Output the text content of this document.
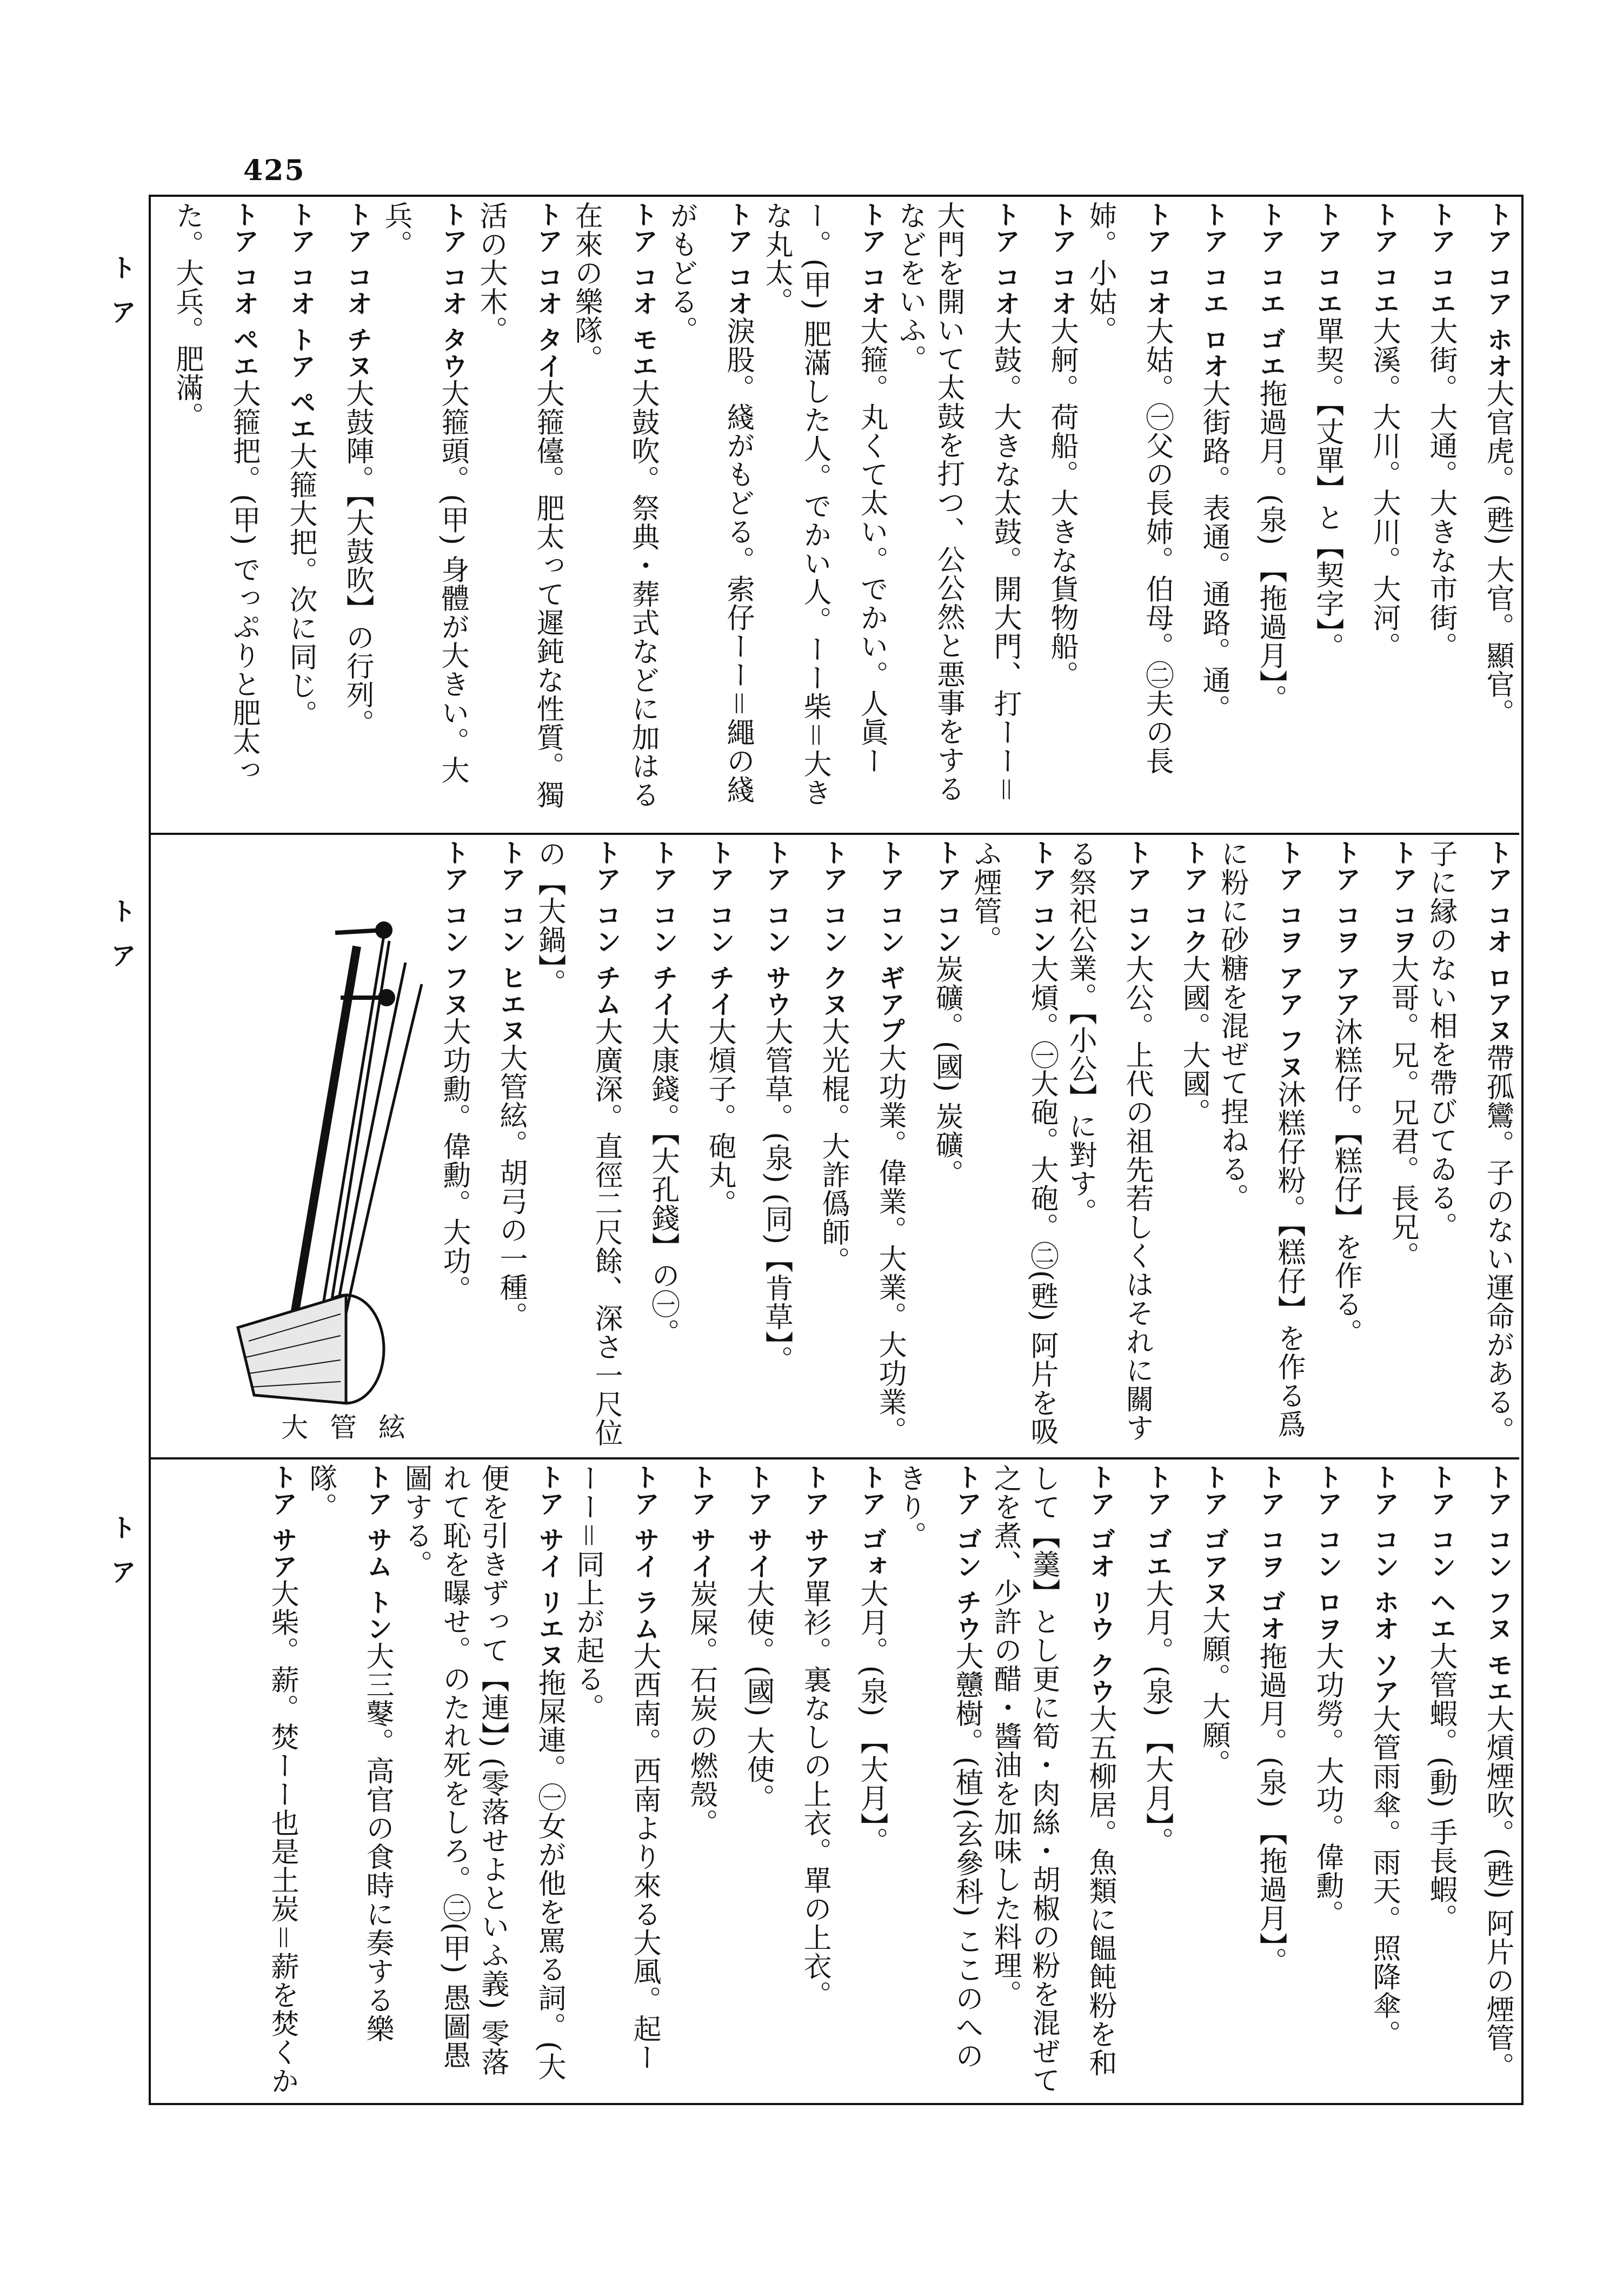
425
トア
トア
トア
トア コア ホオ大官虎。(甦) 大官。顯官。
トア コエ大街。大通。大きな市街。
トア コエ大溪。大川。大川。大河。
トア コエ單契。【丈單】と【契字】。
トア コエ ゴエ拖過月。(泉) 【拖過月】。
トア コエ ロオ大街路。表通。通路。通。
トア コオ大姑。㊀父の長姉。伯母。㊁夫の長姉。小姑。
トア コオ大舸。荷船。大きな貨物船。
トア コオ大鼓。大きな太鼓。開大門、打ーー＝大門を開いて太鼓を打つ、公公然と悪事をするなどをいふ。
トア コオ大箍。丸くて太い。でかい。人眞ーー。(甲) 肥滿した人。でかい人。ーー柴＝大きな丸太。
トア コオ淚股。綫がもどる。索仔ーー＝繩の綫がもどる。
トア コオ モエ大鼓吹。祭典・葬式などに加はる在來の樂隊。
トア コオ タイ大箍儓。肥太って遲鈍な性質。獨活の大木。
トア コオ タウ大箍頭。(甲) 身體が大きい。大兵。
トア コオ チヌ大鼓陣。【大鼓吹】の行列。
トア コオ トア ペエ大箍大把。次に同じ。
トア コオ ペエ大箍把。(甲) でっぷりと肥太った。大兵。肥滿。
トア コオ ロアヌ帶孤鸞。子のない運命がある。子に縁のない相を帶びてゐる。
トア コヲ大哥。兄。兄君。長兄。
トア コヲ アア沐糕仔。【糕仔】を作る。
トア コヲ アア フヌ沐糕仔粉。【糕仔】を作る爲に粉に砂糖を混ぜて捏ねる。
トア コク大國。大國。
トア コン大公。上代の祖先若しくはそれに關する祭祀公業。【小公】に對す。
トア コン大熕。㊀大砲。大砲。㊁(甦) 阿片を吸ふ煙管。
トア コン炭礦。(國) 炭礦。
トア コン ギアプ大功業。偉業。大業。大功業。
トア コン クヌ大光棍。大詐僞師。
トア コン サウ大管草。(泉) (同)【肯草】。
トア コン チイ大熕子。砲丸。
トア コン チイ大康錢。【大孔錢】の㊀。
トア コン チム大廣深。直徑二尺餘、深さ一尺位の【大鍋】。
トア コン ヒエヌ大管絃。胡弓の一種。
トア コン フヌ大功勳。偉勳。大功。
大管絃
トア コン フヌ モエ大熕煙吹。(甦) 阿片の煙管。
トア コン ヘエ大管蝦。(動) 手長蝦。
トア コン ホオ ソア大管雨傘。雨天。照降傘。
トア コン ロヲ大功勞。大功。偉勳。
トア コヲ ゴオ拖過月。(泉) 【拖過月】。
トア ゴアヌ大願。大願。
トア ゴエ大月。(泉) 【大月】。
トア ゴオ リウ クウ大五柳居。魚類に饂飩粉を和して【羹】とし更に筍・肉絲・胡椒の粉を混ぜて之を煮、少許の醋・醬油を加味した料理。
トア ゴン チウ大戇樹。(植)(玄參科) ここのへのきり。
トア ゴォ大月。(泉) 【大月】。
トア サア單衫。裏なしの上衣。單の上衣。
トア サイ大使。(國) 大使。
トア サイ炭屎。石炭の燃殼。
トア サイ ラム大西南。西南より來る大風。起ーーー＝同上が起る。
トア サイ リエヌ拖屎連。㊀女が他を罵る詞。(大便を引きずって【連】) (零落せよといふ義) 零落れて恥を曝せ。のたれ死をしろ。㊁(甲) 愚圖愚圖する。
トア サム トン大三鼕。高官の食時に奏する樂隊。
トア サア大柴。薪。焚ーー也是土炭＝薪を焚くか
